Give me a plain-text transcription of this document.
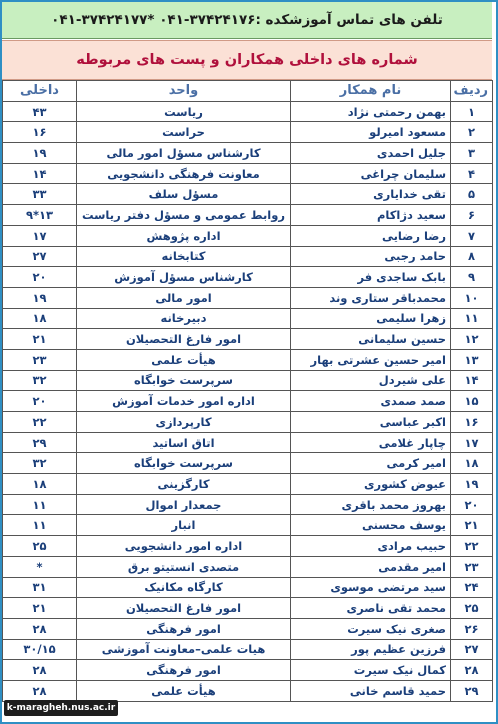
تلفن های تماس آموزشکده :۳۷۴۲۴۱۷۶-۰۴۱ *۳۷۴۲۴۱۷۷-۰۴۱
شماره های داخلی همکاران و پست های مربوطه
ردیف	نام همکار	واحد	داخلی
۱	بهمن رحمتی نژاد	ریاست	۴۳
۲	مسعود امیرلو	حراست	۱۶
۳	جلیل احمدی	کارشناس مسؤل امور مالی	۱۹
۴	سلیمان چراغی	معاونت فرهنگی دانشجویی	۱۴
۵	تقی خدایاری	مسؤل سلف	۳۳
۶	سعید دژاکام	روابط عمومی و مسؤل دفتر ریاست	۱۳*۹
۷	رضا رضایی	اداره پژوهش	۱۷
۸	حامد رجبی	کتابخانه	۲۷
۹	بابک ساجدی فر	کارشناس مسؤل آموزش	۲۰
۱۰	محمدباقر ستاری وند	امور مالی	۱۹
۱۱	زهرا سلیمی	دبیرخانه	۱۸
۱۲	حسین سلیمانی	امور فارغ التحصیلان	۲۱
۱۳	امیر حسین عشرتی بهار	هیأت علمی	۲۳
۱۴	علی شیردل	سرپرست خوابگاه	۳۲
۱۵	صمد صمدی	اداره امور خدمات آموزش	۲۰
۱۶	اکبر عباسی	کارپردازی	۲۲
۱۷	چاپار غلامی	اتاق اساتید	۲۹
۱۸	امیر کرمی	سرپرست خوابگاه	۳۲
۱۹	عیوض کشوری	کارگزینی	۱۸
۲۰	بهروز محمد باقری	جمعدار اموال	۱۱
۲۱	یوسف محسنی	انبار	۱۱
۲۲	حبیب مرادی	اداره امور دانشجویی	۲۵
۲۳	امیر مقدمی	متصدی انستیتو برق	*
۲۴	سید مرتضی موسوی	کارگاه مکانیک	۳۱
۲۵	محمد تقی ناصری	امور فارغ التحصیلان	۲۱
۲۶	صغری نیک سیرت	امور فرهنگی	۲۸
۲۷	فرزین عظیم پور	هیات علمی–معاونت آموزشی	۳۰/۱۵
۲۸	کمال نیک سیرت	امور فرهنگی	۲۸
۲۹	حمید قاسم خانی	هیأت علمی	۲۸
k-maragheh.nus.ac.ir
